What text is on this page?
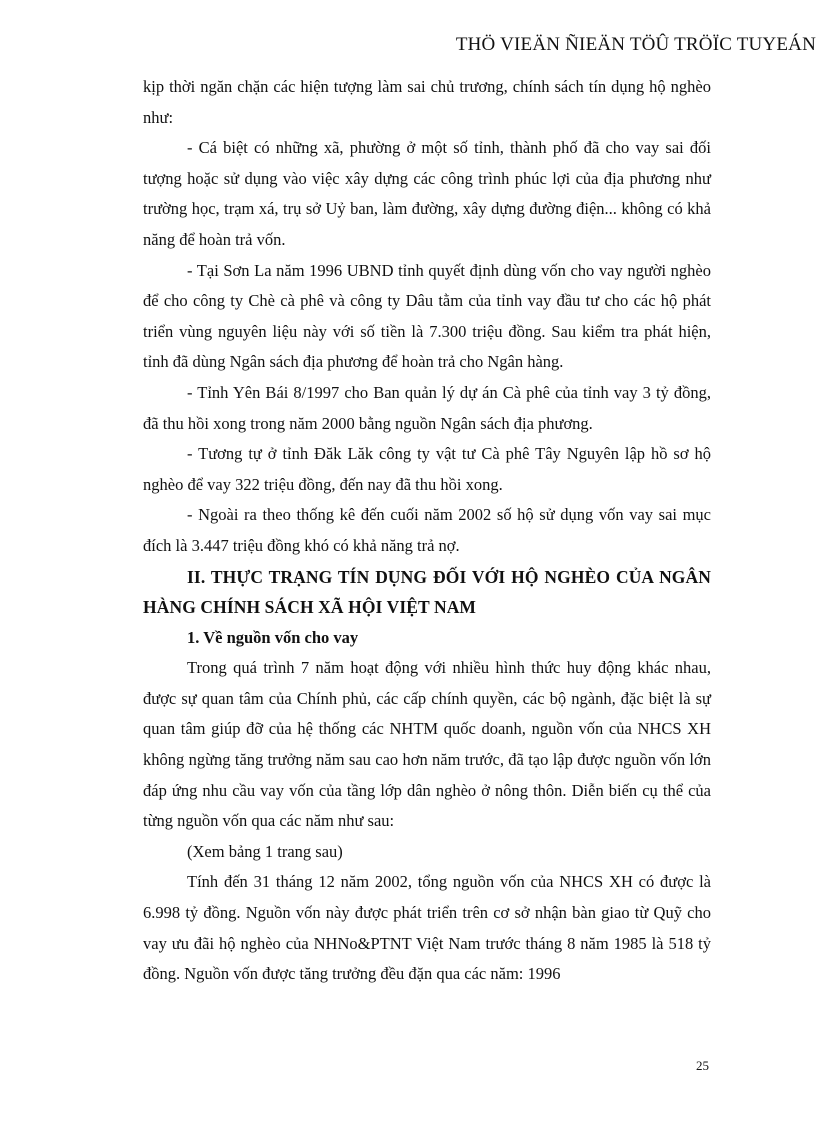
THÖ VIEÄN ÑIEÄN TÖÛ TRÖÏC TUYEÁN

kịp thời ngăn chặn các hiện tượng làm sai chủ trương, chính sách tín dụng hộ nghèo như:

- Cá biệt có những xã, phường ở một số tỉnh, thành phố đã cho vay sai đối tượng hoặc sử dụng vào việc xây dựng các công trình phúc lợi của địa phương như trường học, trạm xá, trụ sở Uỷ ban, làm đường, xây dựng đường điện... không có khả năng để hoàn trả vốn.

- Tại Sơn La năm 1996 UBND tỉnh quyết định dùng vốn cho vay người nghèo để cho công ty Chè cà phê và công ty Dâu tằm của tỉnh vay đầu tư cho các hộ phát triển vùng nguyên liệu này với số tiền là 7.300 triệu đồng. Sau kiểm tra phát hiện, tỉnh đã dùng Ngân sách địa phương để hoàn trả cho Ngân hàng.

- Tỉnh Yên Bái 8/1997 cho Ban quản lý dự án Cà phê của tỉnh vay 3 tỷ đồng, đã thu hồi xong trong năm 2000 bằng nguồn Ngân sách địa phương.

- Tương tự ở tỉnh Đăk Lăk công ty vật tư Cà phê Tây Nguyên lập hồ sơ hộ nghèo để vay 322 triệu đồng, đến nay đã thu hồi xong.

- Ngoài ra theo thống kê đến cuối năm 2002 số hộ sử dụng vốn vay sai mục đích là 3.447 triệu đồng khó có khả năng trả nợ.

II. THỰC TRẠNG TÍN DỤNG ĐỐI VỚI HỘ NGHÈO CỦA NGÂN HÀNG CHÍNH SÁCH XÃ HỘI VIỆT NAM

1. Về nguồn vốn cho vay

Trong quá trình 7 năm hoạt động với nhiều hình thức huy động khác nhau, được sự quan tâm của Chính phủ, các cấp chính quyền, các bộ ngành, đặc biệt là sự quan tâm giúp đỡ của hệ thống các NHTM quốc doanh, nguồn vốn của NHCS XH không ngừng tăng trưởng năm sau cao hơn năm trước, đã tạo lập được nguồn vốn lớn đáp ứng nhu cầu vay vốn của tầng lớp dân nghèo ở nông thôn. Diễn biến cụ thể của từng nguồn vốn qua các năm như sau:

(Xem bảng 1 trang sau)

Tính đến 31 tháng 12 năm 2002, tổng nguồn vốn của NHCS XH có được là 6.998 tỷ đồng. Nguồn vốn này được phát triển trên cơ sở nhận bàn giao từ Quỹ cho vay ưu đãi hộ nghèo của NHNo&PTNT Việt Nam trước tháng 8 năm 1985 là 518 tỷ đồng. Nguồn vốn được tăng trưởng đều đặn qua các năm: 1996

25
